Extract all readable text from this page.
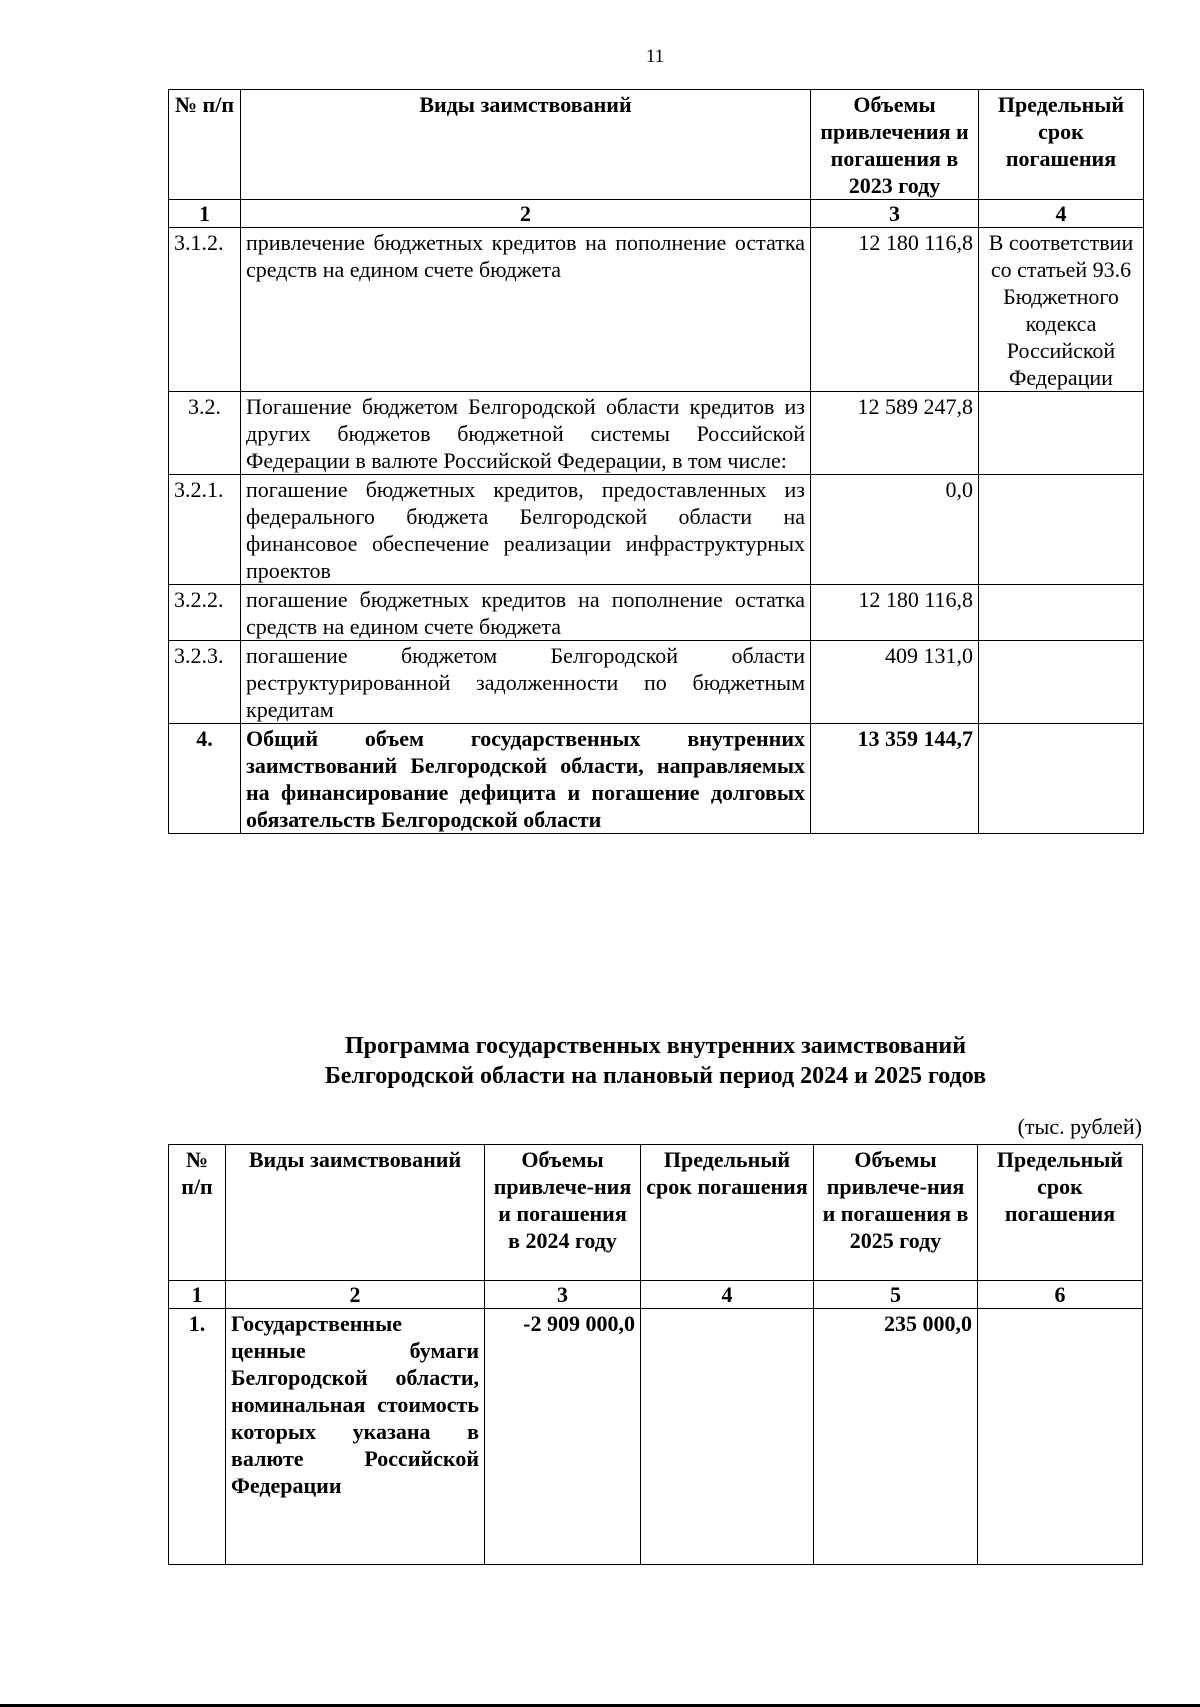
11
№ п/п	Виды заимствований	Объемы привлечения и погашения в 2023 году	Предельный срок погашения
1	2	3	4
3.1.2.	привлечение бюджетных кредитов на пополнение остатка средств на едином счете бюджета	12 180 116,8	В соответствии со статьей 93.6 Бюджетного кодекса Российской Федерации
3.2.	Погашение бюджетом Белгородской области кредитов из других бюджетов бюджетной системы Российской Федерации в валюте Российской Федерации, в том числе:	12 589 247,8	
3.2.1.	погашение бюджетных кредитов, предоставленных из федерального бюджета Белгородской области на финансовое обеспечение реализации инфраструктурных проектов	0,0	
3.2.2.	погашение бюджетных кредитов на пополнение остатка средств на едином счете бюджета	12 180 116,8	
3.2.3.	погашение бюджетом Белгородской области реструктурированной задолженности по бюджетным кредитам	409 131,0	
4.	Общий объем государственных внутренних заимствований Белгородской области, направляемых на финансирование дефицита и погашение долговых обязательств Белгородской области	13 359 144,7	
Программа государственных внутренних заимствований
Белгородской области на плановый период 2024 и 2025 годов
(тыс. рублей)
№ п/п	Виды заимствований	Объемы привлече-ния и погашения в 2024 году	Предельный срок погашения	Объемы привлече-ния и погашения в 2025 году	Предельный срок погашения
1	2	3	4	5	6
1.	Государственные ценные бумаги Белгородской области, номинальная стоимость которых указана в валюте Российской Федерации	-2 909 000,0		235 000,0	
